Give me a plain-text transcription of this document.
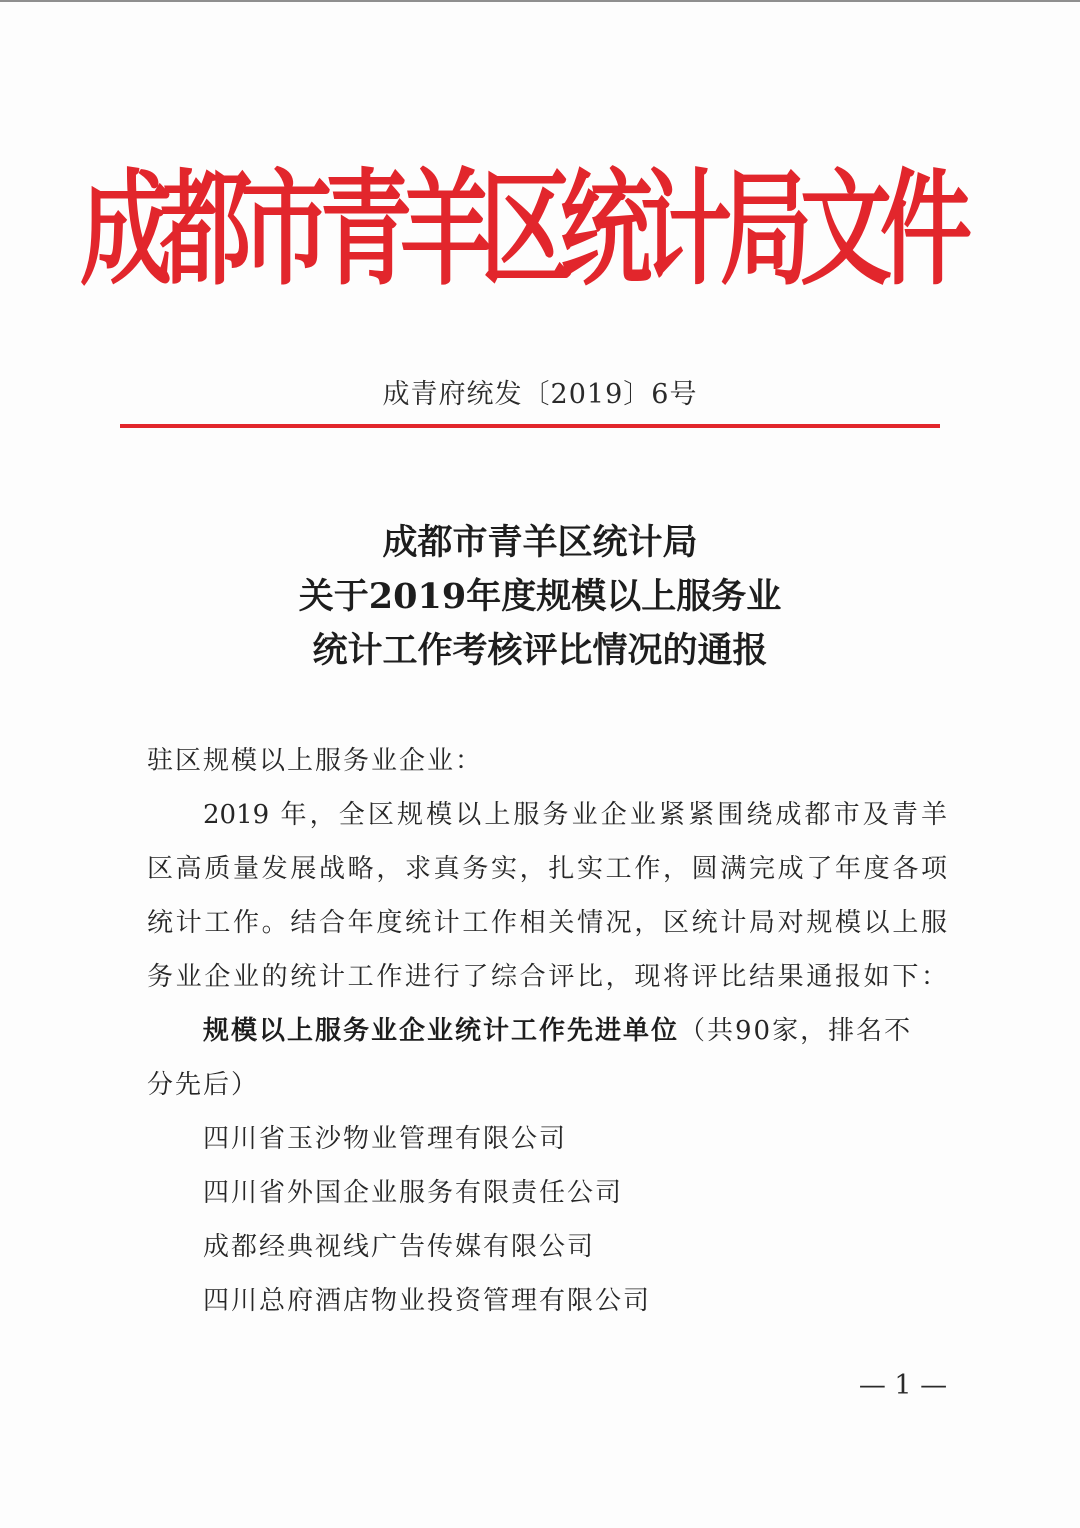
成都市青羊区统计局文件
成青府统发〔2019〕6号
成都市青羊区统计局
关于2019年度规模以上服务业
统计工作考核评比情况的通报
驻区规模以上服务业企业：
2019 年，全区规模以上服务业企业紧紧围绕成都市及青羊
区高质量发展战略，求真务实，扎实工作，圆满完成了年度各项
统计工作。结合年度统计工作相关情况，区统计局对规模以上服
务业企业的统计工作进行了综合评比，现将评比结果通报如下：
规模以上服务业企业统计工作先进单位（共90家，排名不
分先后）
四川省玉沙物业管理有限公司
四川省外国企业服务有限责任公司
成都经典视线广告传媒有限公司
四川总府酒店物业投资管理有限公司
— 1 —
